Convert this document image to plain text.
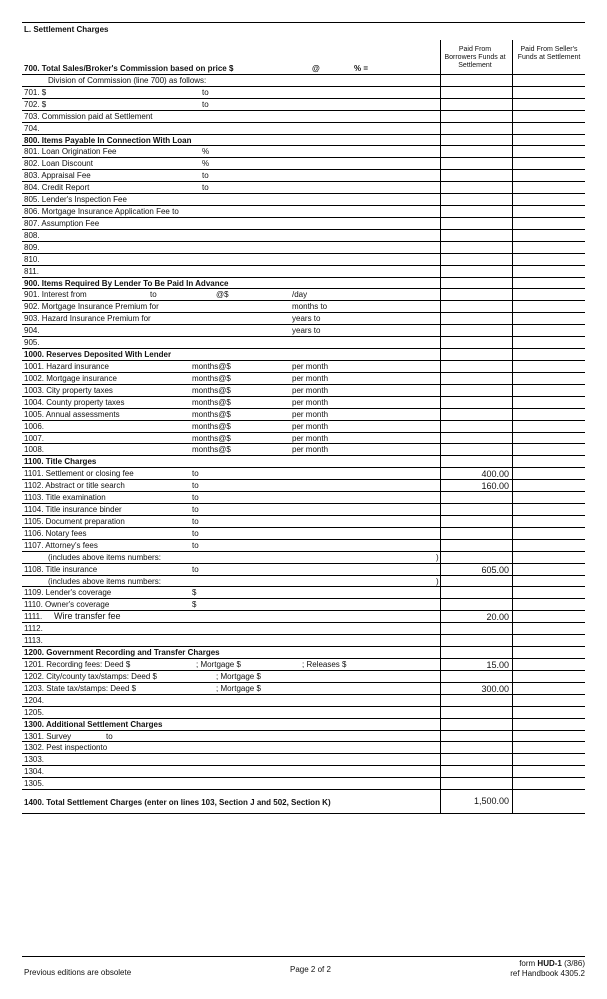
L. Settlement Charges
700. Total Sales/Broker's Commission based on price $	@	% =
Division of Commission (line 700) as follows:
701. $	to
702. $	to
703. Commission paid at Settlement
704.
800. Items Payable In Connection With Loan
801. Loan Origination Fee	%
802. Loan Discount	%
803. Appraisal Fee	to
804. Credit Report	to
805. Lender's Inspection Fee
806. Mortgage Insurance Application Fee to
807. Assumption Fee
808.
809.
810.
811.
900. Items Required By Lender To Be Paid In Advance
901. Interest from	to	@$	/day
902. Mortgage Insurance Premium for	months to
903. Hazard Insurance Premium for	years to
904.	years to
905.
1000. Reserves Deposited With Lender
1001. Hazard insurance	months@$	per month
1002. Mortgage insurance	months@$	per month
1003. City property taxes	months@$	per month
1004. County property taxes	months@$	per month
1005. Annual assessments	months@$	per month
1006.	months@$	per month
1007.	months@$	per month
1008.	months@$	per month
1100. Title Charges
1101. Settlement or closing fee	to	400.00
1102. Abstract or title search	to	160.00
1103. Title examination	to
1104. Title insurance binder	to
1105. Document preparation	to
1106. Notary fees	to
1107. Attorney's fees	to
(includes above items numbers:	)
1108. Title insurance	to	605.00
(includes above items numbers:	)
1109. Lender's coverage	$
1110. Owner's coverage	$
1111. Wire transfer fee	20.00
1112.
1113.
1200. Government Recording and Transfer Charges
1201. Recording fees: Deed $	; Mortgage $	; Releases $	15.00
1202. City/county tax/stamps: Deed $	; Mortgage $
1203. State tax/stamps: Deed $	; Mortgage $	300.00
1204.
1205.
1300. Additional Settlement Charges
1301. Survey	to
1302. Pest inspectionto
1303.
1304.
1305.
Paid From Borrowers Funds at Settlement
Paid From Seller's Funds at Settlement
1400. Total Settlement Charges (enter on lines 103, Section J and 502, Section K)	1,500.00
Previous editions are obsolete	Page 2 of 2
form HUD-1 (3/86)
ref Handbook 4305.2
